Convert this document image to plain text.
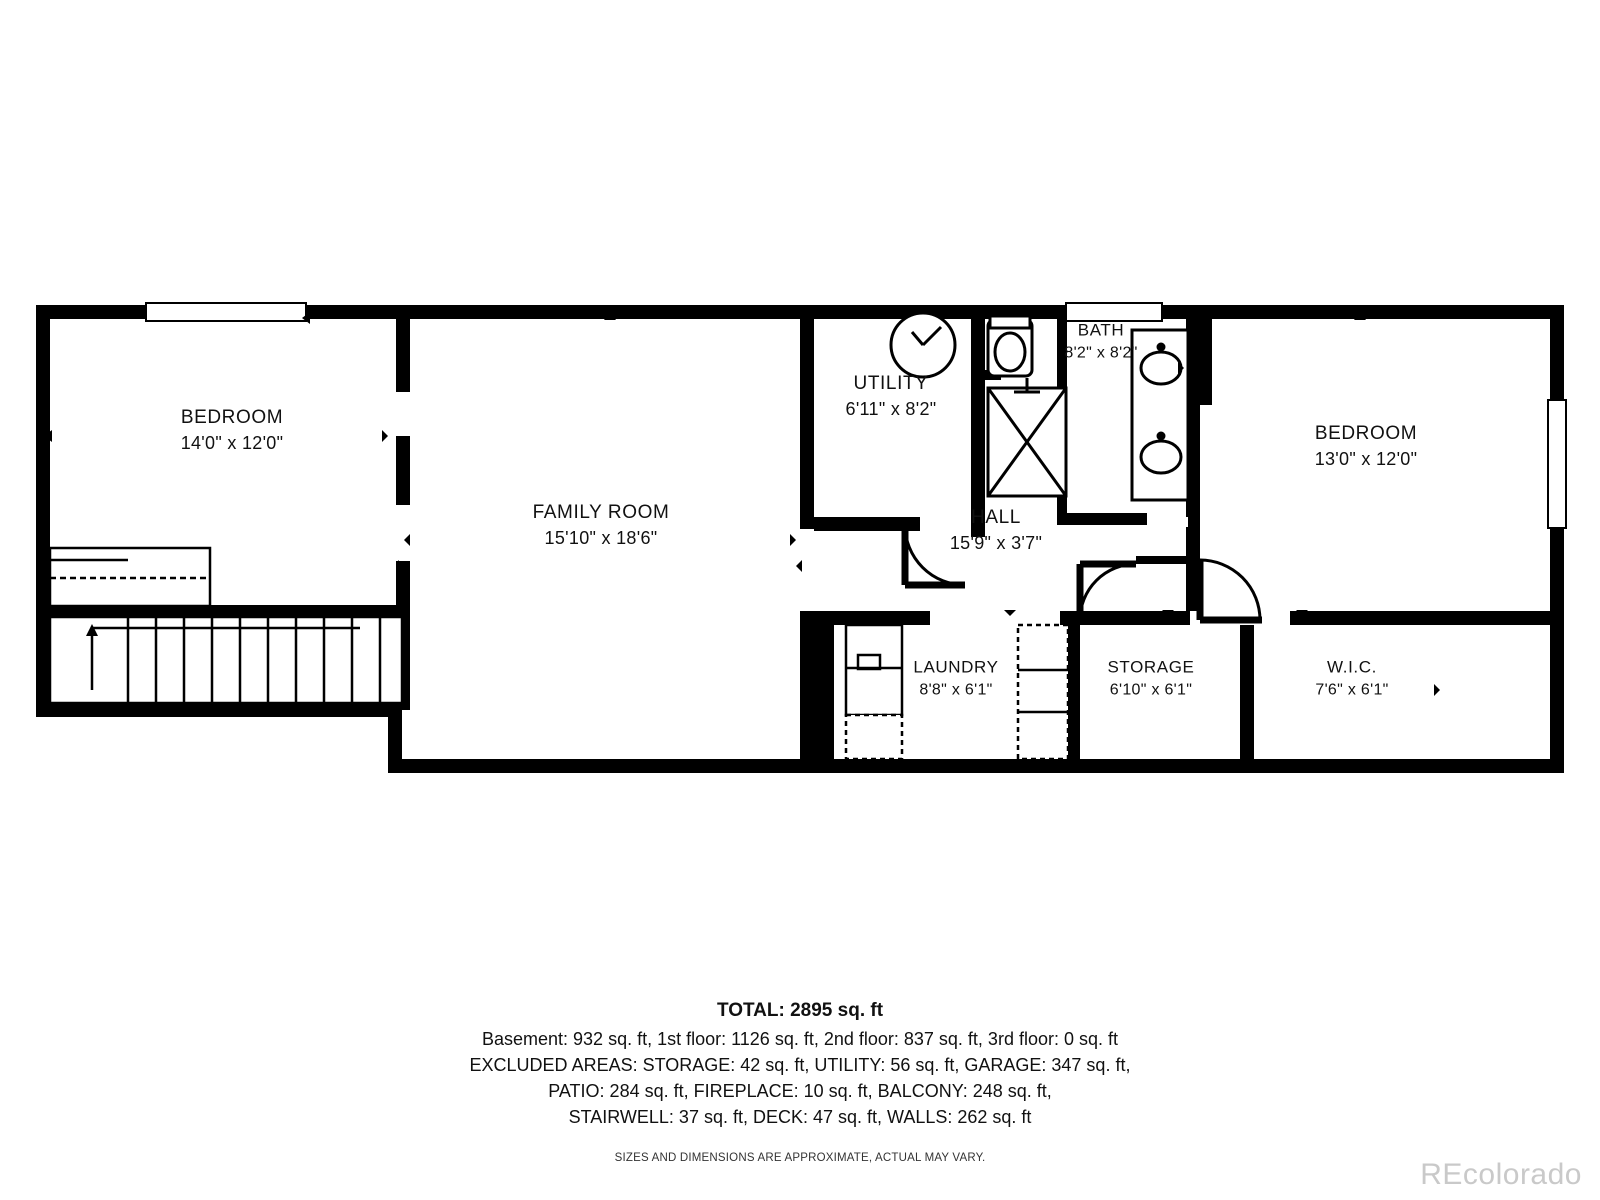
BEDROOM
14'0" x 12'0"
FAMILY ROOM
15'10" x 18'6"
UTILITY
6'11" x 8'2"
BATH
8'2" x 8'2"
BEDROOM
13'0" x 12'0"
HALL
15'9" x 3'7"
LAUNDRY
8'8" x 6'1"
STORAGE
6'10" x 6'1"
W.I.C.
7'6" x 6'1"
TOTAL: 2895 sq. ft
Basement: 932 sq. ft, 1st floor: 1126 sq. ft, 2nd floor: 837 sq. ft, 3rd floor: 0 sq. ft
EXCLUDED AREAS: STORAGE: 42 sq. ft, UTILITY: 56 sq. ft, GARAGE: 347 sq. ft,
PATIO: 284 sq. ft, FIREPLACE: 10 sq. ft, BALCONY: 248 sq. ft,
STAIRWELL: 37 sq. ft, DECK: 47 sq. ft, WALLS: 262 sq. ft
SIZES AND DIMENSIONS ARE APPROXIMATE, ACTUAL MAY VARY.	REcolorado
